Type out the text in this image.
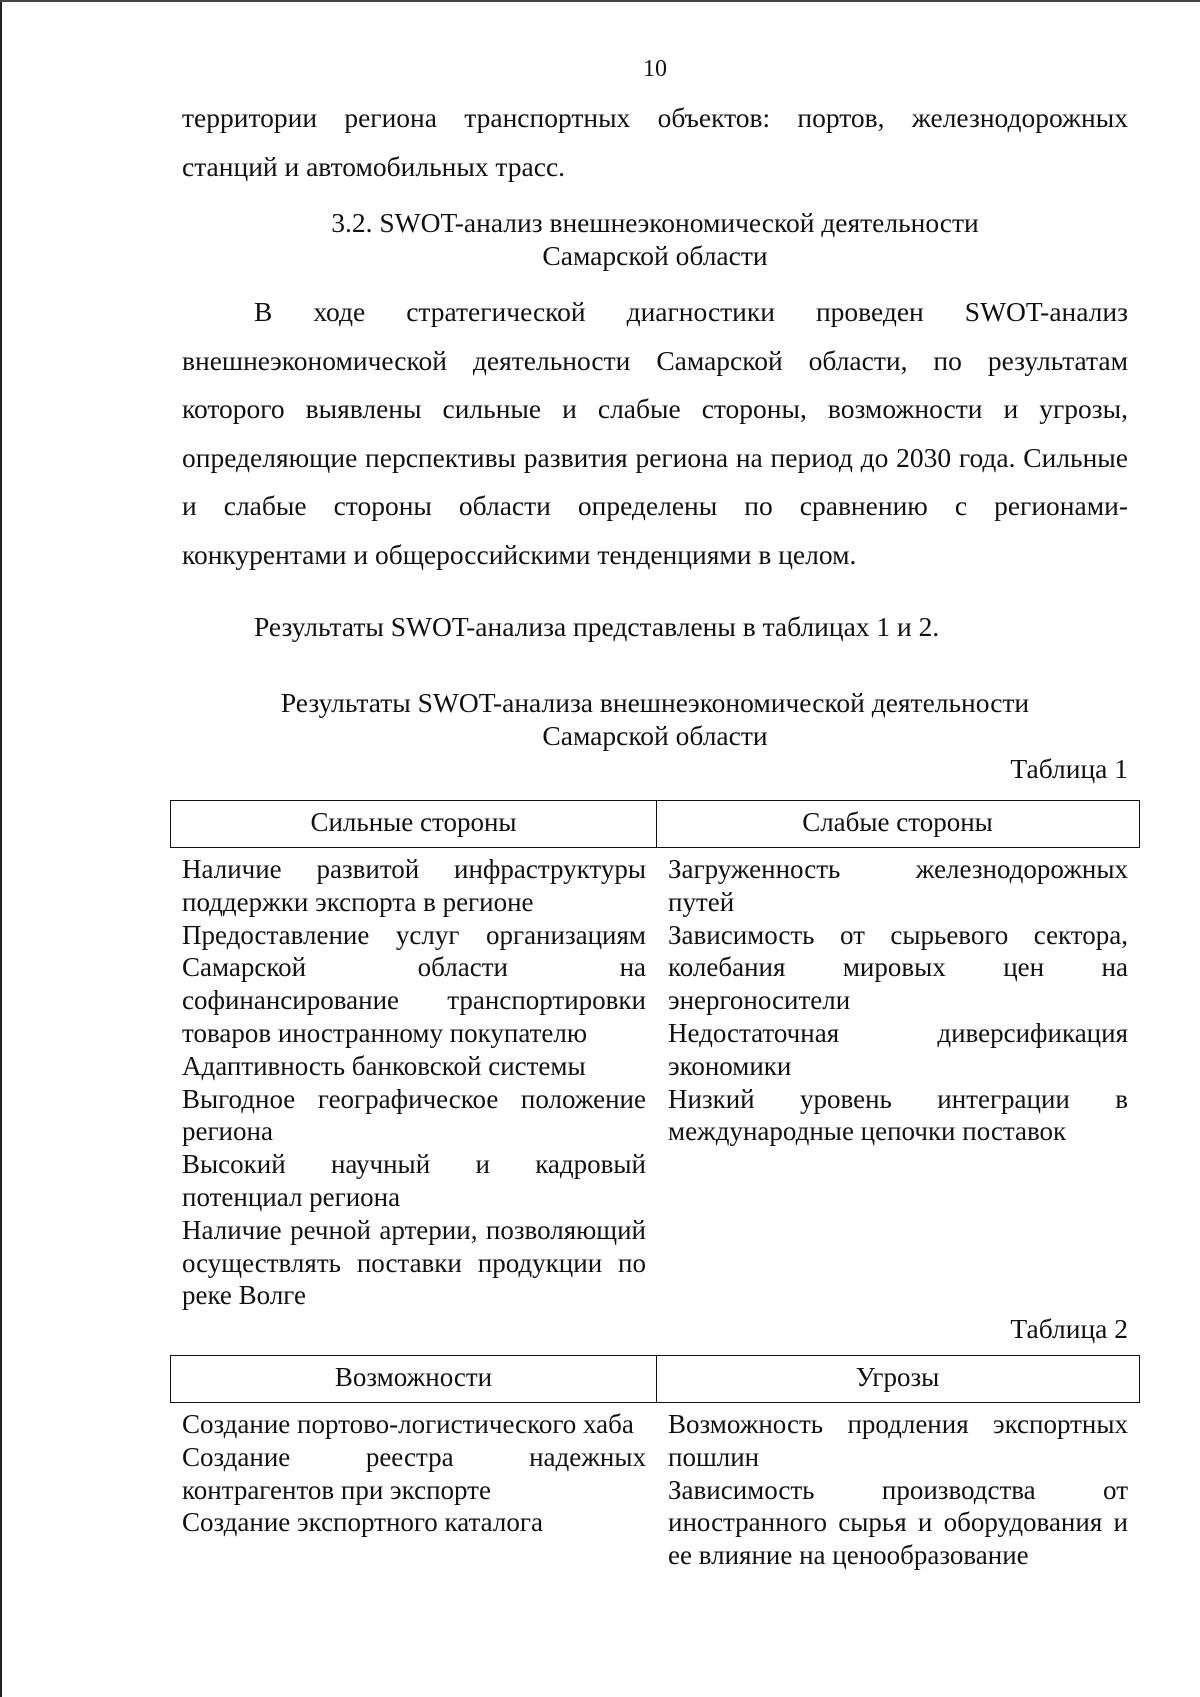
10
территории региона транспортных объектов: портов, железнодорожных станций и автомобильных трасс.
3.2. SWOT-анализ внешнеэкономической деятельности
Самарской области
В ходе стратегической диагностики проведен SWOT-анализ внешнеэкономической деятельности Самарской области, по результатам которого выявлены сильные и слабые стороны, возможности и угрозы, определяющие перспективы развития региона на период до 2030 года. Сильные и слабые стороны области определены по сравнению с регионами-конкурентами и общероссийскими тенденциями в целом.
Результаты SWOT-анализа представлены в таблицах 1 и 2.
Результаты SWOT-анализа внешнеэкономической деятельности
Самарской области
Таблица 1
Сильные стороны	Слабые стороны
Наличие развитой инфраструктуры поддержки экспорта в регионе
Предоставление услуг организациям Самарской области на софинансирование транспортировки товаров иностранному покупателю
Адаптивность банковской системы
Выгодное географическое положение региона
Высокий научный и кадровый потенциал региона
Наличие речной артерии, позволяющий осуществлять поставки продукции по реке Волге
Загруженность железнодорожных путей
Зависимость от сырьевого сектора, колебания мировых цен на энергоносители
Недостаточная диверсификация экономики
Низкий уровень интеграции в международные цепочки поставок
Таблица 2
Возможности	Угрозы
Создание портово-логистического хаба
Создание реестра надежных контрагентов при экспорте
Создание экспортного каталога
Возможность продления экспортных пошлин
Зависимость производства от иностранного сырья и оборудования и ее влияние на ценообразование
